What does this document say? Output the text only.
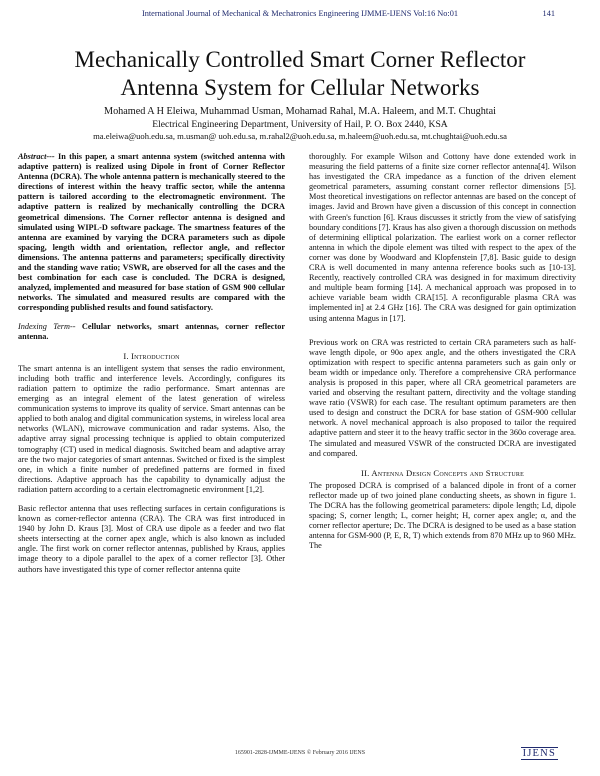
International Journal of Mechanical & Mechatronics Engineering IJMME-IJENS Vol:16 No:01	141
Mechanically Controlled Smart Corner Reflector Antenna System for Cellular Networks
Mohamed A H Eleiwa, Muhammad Usman, Mohamad Rahal, M.A. Haleem, and M.T. Chughtai
Electrical Engineering Department, University of Hail, P. O. Box 2440, KSA
ma.eleiwa@uoh.edu.sa, m.usman@ uoh.edu.sa, m.rahal2@uoh.edu.sa, m.haleem@uoh.edu.sa, mt.chughtai@uoh.edu.sa

Abstract--- In this paper, a smart antenna system (switched antenna with adaptive pattern) is realized using Dipole in front of Corner Reflector Antenna (DCRA). The whole antenna pattern is mechanically steered to the directions of interest within the heavy traffic sector, while the antenna pattern is tailored according to the electromagnetic environment. The adaptive pattern is realized by mechanically controlling the DCRA geometrical dimensions. The Corner reflector antenna is designed and simulated using WIPL-D software package. The smartness features of the antenna are examined by varying the DCRA parameters such as dipole spacing, length width and orientation, reflector angle, and reflector dimensions. The antenna patterns and parameters; specifically directivity and the standing wave ratio; VSWR, are observed for all the cases and the best combination for each case is concluded. The DCRA is designed, analyzed, implemented and measured for base station of GSM 900 cellular networks. The simulated and measured results are compared with the corresponding published results and found satisfactory.

Indexing Term-- Cellular networks, smart antennas, corner reflector antenna.

I. Introduction

The smart antenna is an intelligent system that senses the radio environment, including both traffic and interference levels. Accordingly, configures its radiation pattern to optimize the radio performance. Smart antennas are emerging as an integral element of the latest generation of wireless communication systems to improve its quality of service. Smart antennas can be applied to both analog and digital communication systems, in wireless local area networks (WLAN), microwave communication and radar systems. Also, the adaptive array signal processing technique is applied to obtain computerized tomography (CT) used in medical diagnosis. Switched beam and adaptive array are the two major categories of smart antennas. Switched or fixed is the simplest one, in which a finite number of predefined patterns are formed in fixed directions. Adaptive approach has the capability to dynamically adjust the radiation pattern according to a certain electromagnetic environment [1,2].

Basic reflector antenna that uses reflecting surfaces in certain configurations is known as corner-reflector antenna (CRA). The CRA was first introduced in 1940 by John D. Kraus [3]. Most of CRA use dipole as a feeder and two flat sheets intersecting at the corner apex angle, which is also known as included angle. The first work on corner reflector antennas, published by Kraus, applies image theory to a dipole parallel to the apex of a corner reflector [3]. Other authors have investigated this type of corner reflector antenna quite

thoroughly. For example Wilson and Cottony have done extended work in measuring the field patterns of a finite size corner reflector antenna[4]. Wilson has investigated the CRA impedance as a function of the driven element geometrical parameters, assuming constant corner reflector dimensions [5]. Most theoretical investigations on reflector antennas are based on the concept of images. Javid and Brown have given a discussion of this concept in connection with Green's function [6]. Kraus discusses it strictly from the view of satisfying boundary conditions [7]. Kraus has also given a thorough discussion on methods of determining elliptical polarization. The earliest work on a corner reflector antenna in which the dipole element was tilted with respect to the apex of the corner was done by Woodward and Klopfenstein [7,8]. Basic guide to design CRA is well documented in many antenna reference books such as [10-13]. Recently, reactively controlled CRA was designed in for maximum directivity and multiple beam forming [14]. A mechanical approach was proposed in to achieve variable beam width CRA[15]. A reconfigurable plasma CRA was implemented in] at 2.4 GHz [16]. The CRA was designed for gain optimization using antenna Magus in [17].

Previous work on CRA was restricted to certain CRA parameters such as half-wave length dipole, or 90o apex angle, and the others investigated the CRA optimization with respect to specific antenna parameters such as gain only or beam width or impedance only. Therefore a comprehensive CRA performance analysis is proposed in this paper, where all CRA geometrical parameters are varied and observing the resultant pattern, directivity and the voltage standing wave ratio (VSWR) for each case. The resultant optimum parameters are then used to design and construct the DCRA for base station of GSM-900 cellular network. A novel mechanical approach is also proposed to tailor the required adaptive pattern and steer it to the heavy traffic sector in the 360o coverage area. The simulated and measured VSWR of the constructed DCRA are investigated and compared.

II. Antenna Design Concepts and Structure

The proposed DCRA is comprised of a balanced dipole in front of a corner reflector made up of two joined plane conducting sheets, as shown in figure 1. The DCRA has the following geometrical parameters: dipole length; Ld, dipole spacing; S, corner length; L, corner height; H, corner apex angle; α, and the corner reflector aperture; Dc. The DCRA is designed to be used as a base station antenna for GSM-900 (P, E, R, T) which extends from 870 MHz up to 960 MHz. The

165901-2828-IJMME-IJENS © February 2016 IJENS	IJENS
